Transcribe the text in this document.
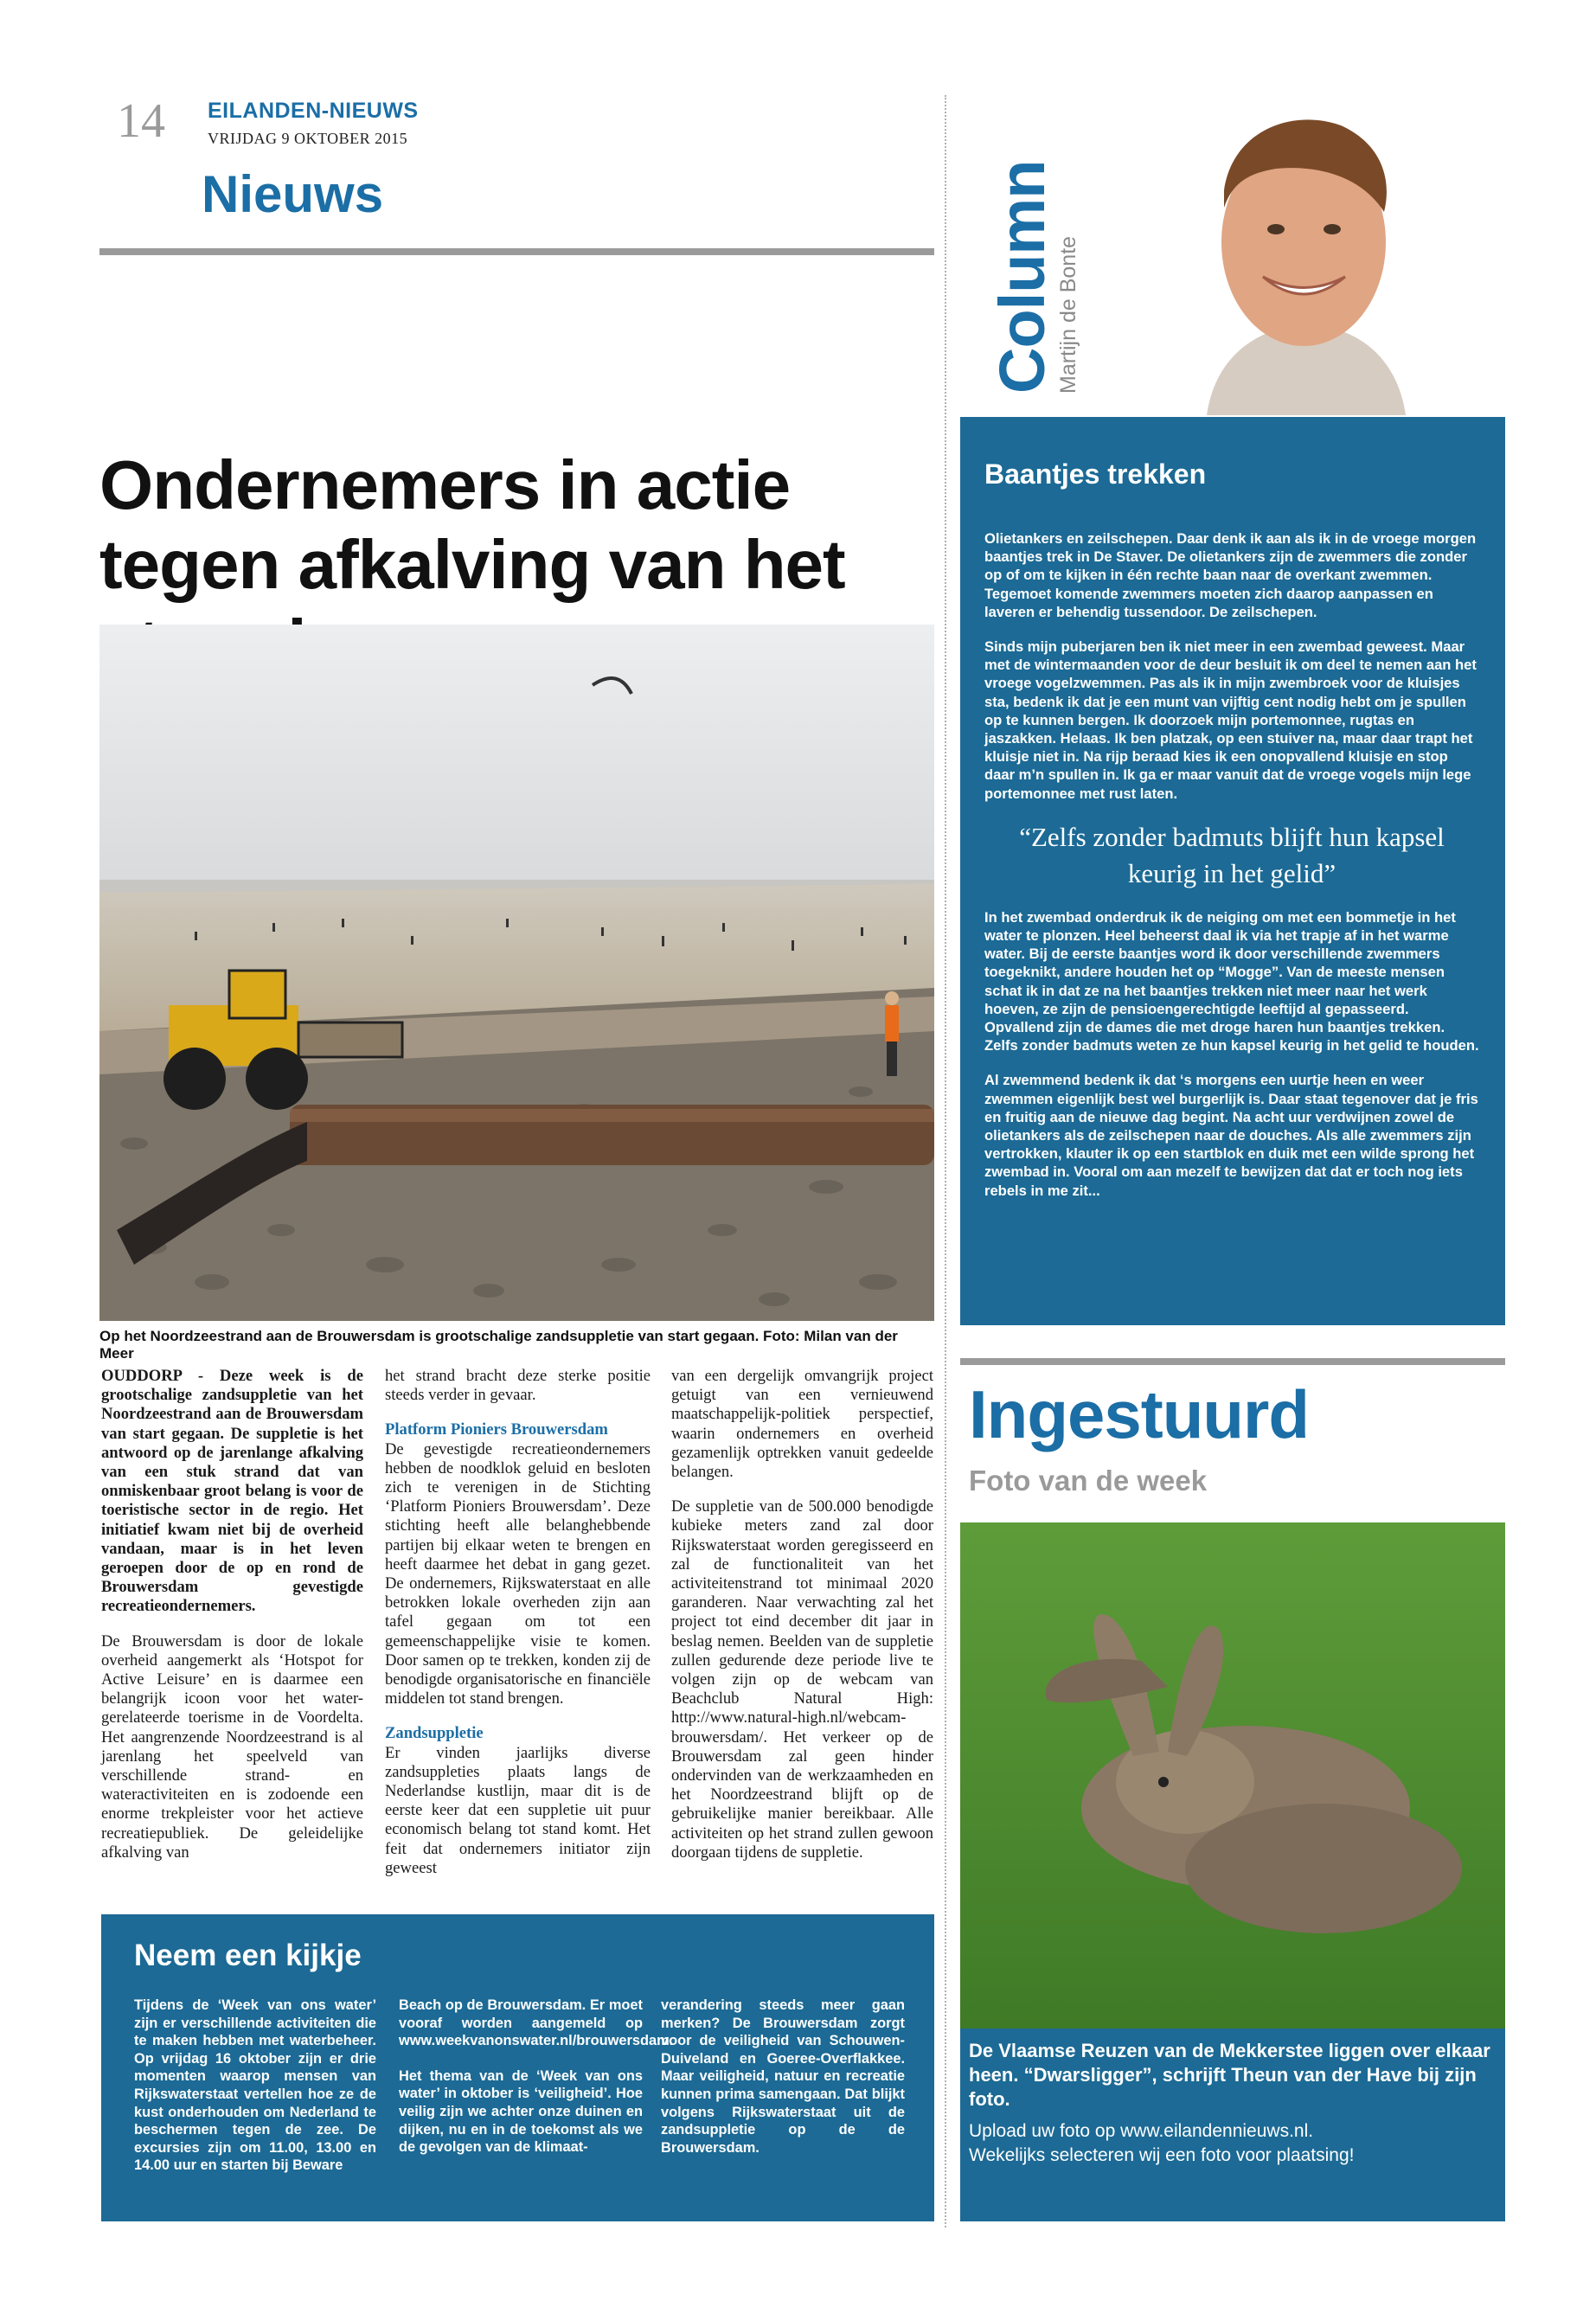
14 EILANDEN-NIEUWS
VRIJDAG 9 OKTOBER 2015
Nieuws
Ondernemers in actie tegen afkalving van het
Op het Noordzeestrand aan de Brouwersdam is grootschalige zandsuppletie van start gegaan. Foto: Milan van der Meer

OUDDORP - Deze week is de grootschalige zandsuppletie van het Noordzeestrand aan de Brouwersdam van start gegaan. De suppletie is het antwoord op de jarenlange afkalving van een stuk strand dat van onmiskenbaar groot belang is voor de toeristische sector in de regio. Het initiatief kwam niet bij de overheid vandaan, maar is in het leven geroepen door de op en rond de Brouwersdam gevestigde recreatieondernemers.

De Brouwersdam is door de lokale overheid aangemerkt als ‘Hotspot for Active Leisure’ en is daarmee een belangrijk icoon voor het water-gerelateerde toerisme in de Voordelta. Het aangrenzende Noordzeestrand is al jarenlang het speelveld van verschillende strand- en wateractiviteiten en is zodoende een enorme trekpleister voor het actieve recreatiepubliek. De geleidelijke afkalving van

het strand bracht deze sterke positie steeds verder in gevaar.

Platform Pioniers Brouwersdam

De gevestigde recreatieondernemers hebben de noodklok geluid en besloten zich te verenigen in de Stichting ‘Platform Pioniers Brouwersdam’. Deze stichting heeft alle belanghebbende partijen bij elkaar weten te brengen en heeft daarmee het debat in gang gezet. De ondernemers, Rijkswaterstaat en alle betrokken lokale overheden zijn aan tafel gegaan om tot een gemeenschappelijke visie te komen. Door samen op te trekken, konden zij de benodigde organisatorische en financiële middelen tot stand brengen.

Zandsuppletie

Er vinden jaarlijks diverse zandsuppleties plaats langs de Nederlandse kustlijn, maar dit is de eerste keer dat een suppletie uit puur economisch belang tot stand komt. Het feit dat ondernemers initiator zijn geweest

van een dergelijk omvangrijk project getuigt van een vernieuwend maatschappelijk-politiek perspectief, waarin ondernemers en overheid gezamenlijk optrekken vanuit gedeelde belangen.

De suppletie van de 500.000 benodigde kubieke meters zand zal door Rijkswaterstaat worden geregisseerd en zal de functionaliteit van het activiteitenstrand tot minimaal 2020 garanderen. Naar verwachting zal het project tot eind december dit jaar in beslag nemen. Beelden van de suppletie zullen gedurende deze periode live te volgen zijn op de webcam van Beachclub Natural High: http://www.natural-high.nl/webcam-brouwersdam/. Het verkeer op de Brouwersdam zal geen hinder ondervinden van de werkzaamheden en het Noordzeestrand blijft op de gebruikelijke manier bereikbaar. Alle activiteiten op het strand zullen gewoon doorgaan tijdens de suppletie.

Neem een kijkje

Tijdens de ‘Week van ons water’ zijn er verschillende activiteiten die te maken hebben met waterbeheer. Op vrijdag 16 oktober zijn er drie momenten waarop mensen van Rijkswaterstaat vertellen hoe ze de kust onderhouden om Nederland te beschermen tegen de zee. De excursies zijn om 11.00, 13.00 en 14.00 uur en starten bij Beware

Beach op de Brouwersdam. Er moet vooraf worden aangemeld op www.weekvanonswater.nl/brouwersdam.

Het thema van de ‘Week van ons water’ in oktober is ‘veiligheid’. Hoe veilig zijn we achter onze duinen en dijken, nu en in de toekomst als we de gevolgen van de klimaat-

verandering steeds meer gaan merken? De Brouwersdam zorgt voor de veiligheid van Schouwen-Duiveland en Goeree-Overflakkee. Maar veiligheid, natuur en recreatie kunnen prima samengaan. Dat blijkt volgens Rijkswaterstaat uit de zandsuppletie op de de Brouwersdam.

Column
Martijn de Bonte
Baantjes trekken

Olietankers en zeilschepen. Daar denk ik aan als ik in de vroege morgen baantjes trek in De Staver. De olietankers zijn de zwemmers die zonder op of om te kijken in één rechte baan naar de overkant zwemmen. Tegemoet komende zwemmers moeten zich daarop aanpassen en laveren er behendig tussendoor. De zeilschepen.

Sinds mijn puberjaren ben ik niet meer in een zwembad geweest. Maar met de wintermaanden voor de deur besluit ik om deel te nemen aan het vroege vogelzwemmen. Pas als ik in mijn zwembroek voor de kluisjes sta, bedenk ik dat je een munt van vijftig cent nodig hebt om je spullen op te kunnen bergen. Ik doorzoek mijn portemonnee, rugtas en jaszakken. Helaas. Ik ben platzak, op een stuiver na, maar daar trapt het kluisje niet in. Na rijp beraad kies ik een onopvallend kluisje en stop daar m’n spullen in. Ik ga er maar vanuit dat de vroege vogels mijn lege portemonnee met rust laten.

“Zelfs zonder badmuts blijft hun kapsel keurig in het gelid”

In het zwembad onderdruk ik de neiging om met een bommetje in het water te plonzen. Heel beheerst daal ik via het trapje af in het warme water. Bij de eerste baantjes word ik door verschillende zwemmers toegeknikt, andere houden het op “Mogge”. Van de meeste mensen schat ik in dat ze na het baantjes trekken niet meer naar het werk hoeven, ze zijn de pensioengerechtigde leeftijd al gepasseerd. Opvallend zijn de dames die met droge haren hun baantjes trekken. Zelfs zonder badmuts weten ze hun kapsel keurig in het gelid te houden.

Al zwemmend bedenk ik dat ‘s morgens een uurtje heen en weer zwemmen eigenlijk best wel burgerlijk is. Daar staat tegenover dat je fris en fruitig aan de nieuwe dag begint. Na acht uur verdwijnen zowel de olietankers als de zeilschepen naar de douches. Als alle zwemmers zijn vertrokken, klauter ik op een startblok en duik met een wilde sprong het zwembad in. Vooral om aan mezelf te bewijzen dat dat er toch nog iets rebels in me zit...

Ingestuurd
Foto van de week
De Vlaamse Reuzen van de Mekkerstee liggen over elkaar heen. “Dwarsligger”, schrijft Theun van der Have bij zijn foto.
Upload uw foto op www.eilandennieuws.nl.
Wekelijks selecteren wij een foto voor plaatsing!
